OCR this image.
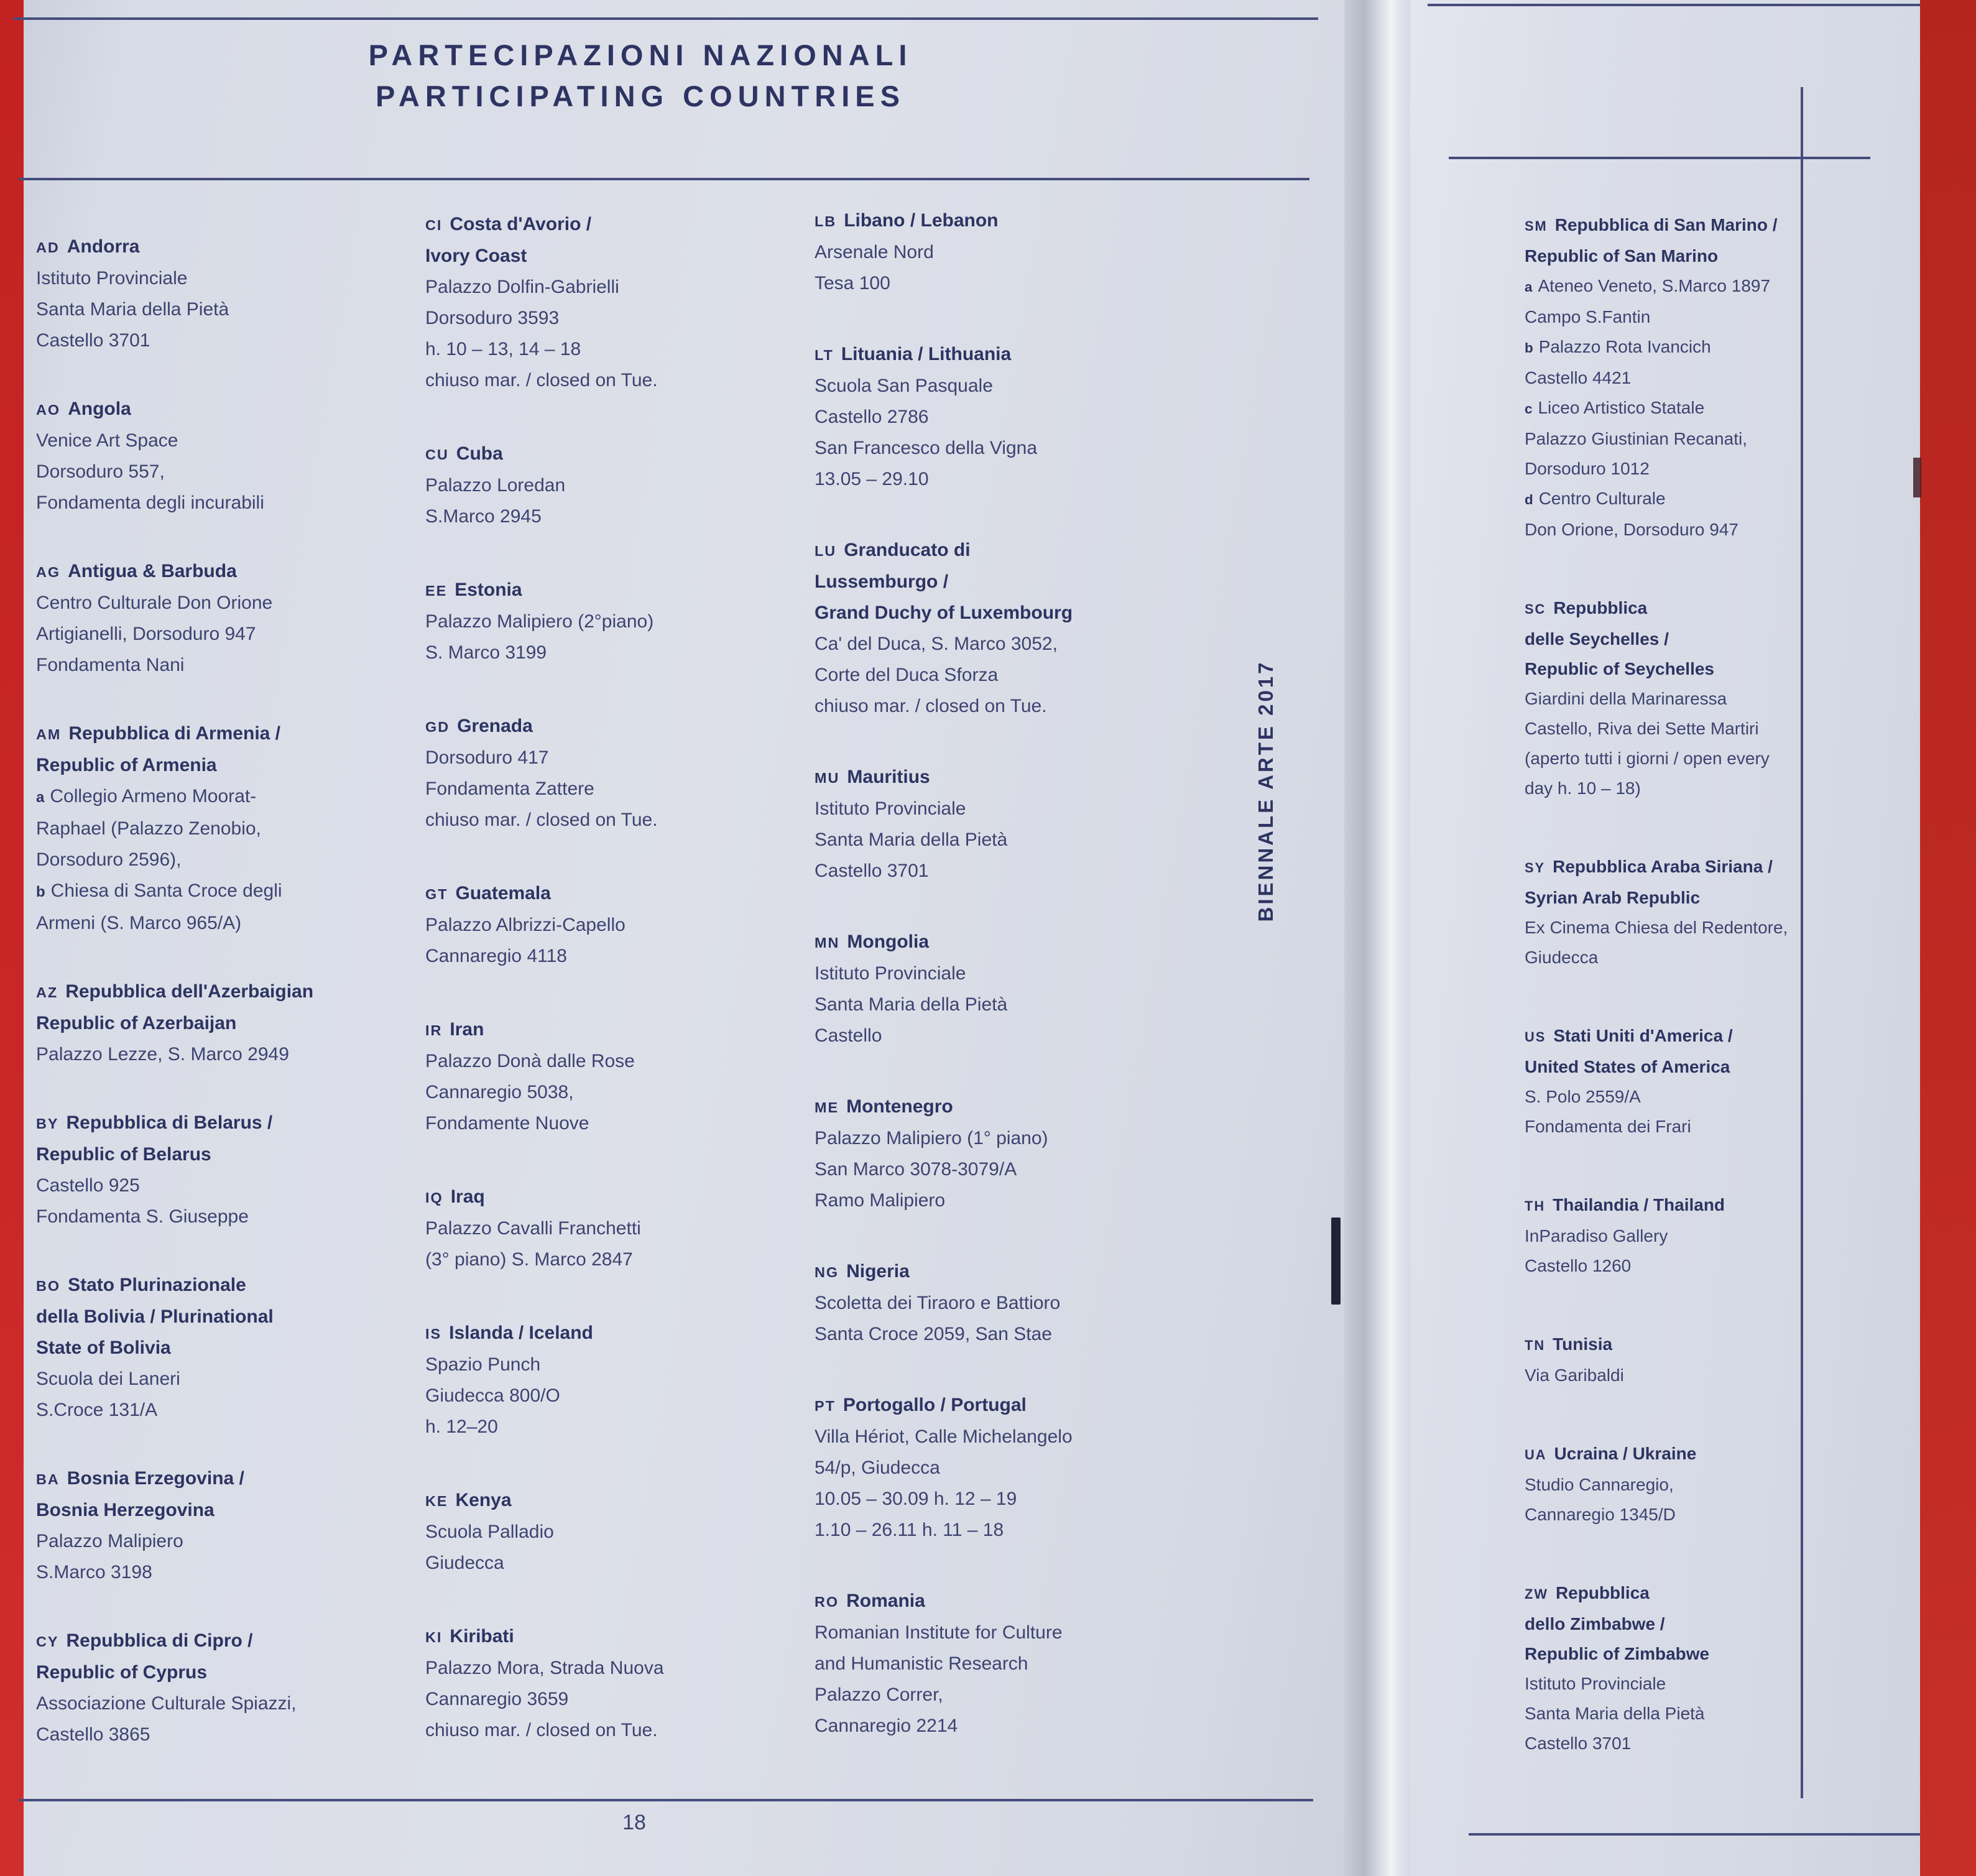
PARTECIPAZIONI NAZIONALI
PARTICIPATING COUNTRIES
AD Andorra
Istituto Provinciale
Santa Maria della Pietà
Castello 3701
AO Angola
Venice Art Space
Dorsoduro 557,
Fondamenta degli incurabili
AG Antigua & Barbuda
Centro Culturale Don Orione
Artigianelli, Dorsoduro 947
Fondamenta Nani
AM Repubblica di Armenia /
Republic of Armenia
a Collegio Armeno Moorat-
Raphael (Palazzo Zenobio,
Dorsoduro 2596),
b Chiesa di Santa Croce degli
Armeni (S. Marco 965/A)
AZ Repubblica dell'Azerbaigian
Republic of Azerbaijan
Palazzo Lezze, S. Marco 2949
BY Repubblica di Belarus /
Republic of Belarus
Castello 925
Fondamenta S. Giuseppe
BO Stato Plurinazionale
della Bolivia / Plurinational
State of Bolivia
Scuola dei Laneri
S.Croce 131/A
BA Bosnia Erzegovina /
Bosnia Herzegovina
Palazzo Malipiero
S.Marco 3198
CY Repubblica di Cipro /
Republic of Cyprus
Associazione Culturale Spiazzi,
Castello 3865
CI Costa d'Avorio /
Ivory Coast
Palazzo Dolfin-Gabrielli
Dorsoduro 3593
h. 10 – 13, 14 – 18
chiuso mar. / closed on Tue.
CU Cuba
Palazzo Loredan
S.Marco 2945
EE Estonia
Palazzo Malipiero (2°piano)
S. Marco 3199
GD Grenada
Dorsoduro 417
Fondamenta Zattere
chiuso mar. / closed on Tue.
GT Guatemala
Palazzo Albrizzi-Capello
Cannaregio 4118
IR Iran
Palazzo Donà dalle Rose
Cannaregio 5038,
Fondamente Nuove
IQ Iraq
Palazzo Cavalli Franchetti
(3° piano) S. Marco 2847
IS Islanda / Iceland
Spazio Punch
Giudecca 800/O
h. 12–20
KE Kenya
Scuola Palladio
Giudecca
KI Kiribati
Palazzo Mora, Strada Nuova
Cannaregio 3659
chiuso mar. / closed on Tue.
LB Libano / Lebanon
Arsenale Nord
Tesa 100
LT Lituania / Lithuania
Scuola San Pasquale
Castello 2786
San Francesco della Vigna
13.05 – 29.10
LU Granducato di
Lussemburgo /
Grand Duchy of Luxembourg
Ca' del Duca, S. Marco 3052,
Corte del Duca Sforza
chiuso mar. / closed on Tue.
MU Mauritius
Istituto Provinciale
Santa Maria della Pietà
Castello 3701
MN Mongolia
Istituto Provinciale
Santa Maria della Pietà
Castello
ME Montenegro
Palazzo Malipiero (1° piano)
San Marco 3078-3079/A
Ramo Malipiero
NG Nigeria
Scoletta dei Tiraoro e Battioro
Santa Croce 2059, San Stae
PT Portogallo / Portugal
Villa Hériot, Calle Michelangelo
54/p, Giudecca
10.05 – 30.09 h. 12 – 19
1.10 – 26.11 h. 11 – 18
RO Romania
Romanian Institute for Culture
and Humanistic Research
Palazzo Correr,
Cannaregio 2214
SM Repubblica di San Marino /
Republic of San Marino
a Ateneo Veneto, S.Marco 1897
Campo S.Fantin
b Palazzo Rota Ivancich
Castello 4421
c Liceo Artistico Statale
Palazzo Giustinian Recanati,
Dorsoduro 1012
d Centro Culturale
Don Orione, Dorsoduro 947
SC Repubblica
delle Seychelles /
Republic of Seychelles
Giardini della Marinaressa
Castello, Riva dei Sette Martiri
(aperto tutti i giorni / open every
day h. 10 – 18)
SY Repubblica Araba Siriana /
Syrian Arab Republic
Ex Cinema Chiesa del Redentore,
Giudecca
US Stati Uniti d'America /
United States of America
S. Polo 2559/A
Fondamenta dei Frari
TH Thailandia / Thailand
InParadiso Gallery
Castello 1260
TN Tunisia
Via Garibaldi
UA Ucraina / Ukraine
Studio Cannaregio,
Cannaregio 1345/D
ZW Repubblica
dello Zimbabwe /
Republic of Zimbabwe
Istituto Provinciale
Santa Maria della Pietà
Castello 3701
BIENNALE ARTE 2017
18
